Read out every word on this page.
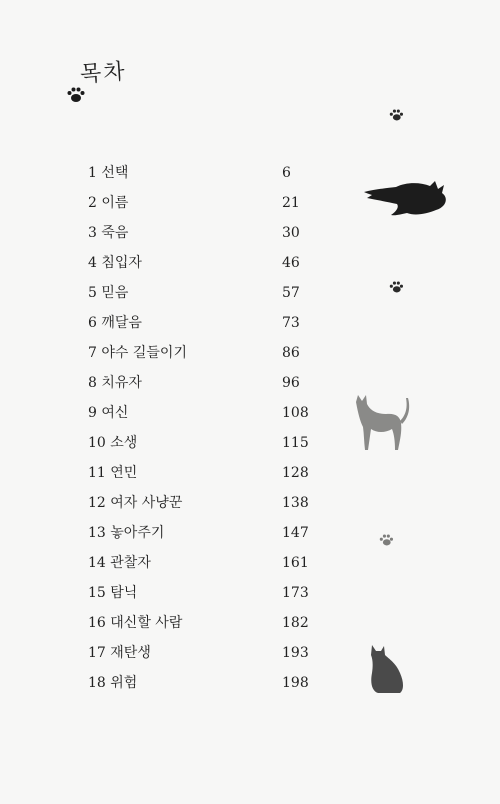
목차
1 선택	6
2 이름	21
3 죽음	30
4 침입자	46
5 믿음	57
6 깨달음	73
7 야수 길들이기	86
8 치유자	96
9 여신	108
10 소생	115
11 연민	128
12 여자 사냥꾼	138
13 놓아주기	147
14 관찰자	161
15 탐닉	173
16 대신할 사람	182
17 재탄생	193
18 위험	198
